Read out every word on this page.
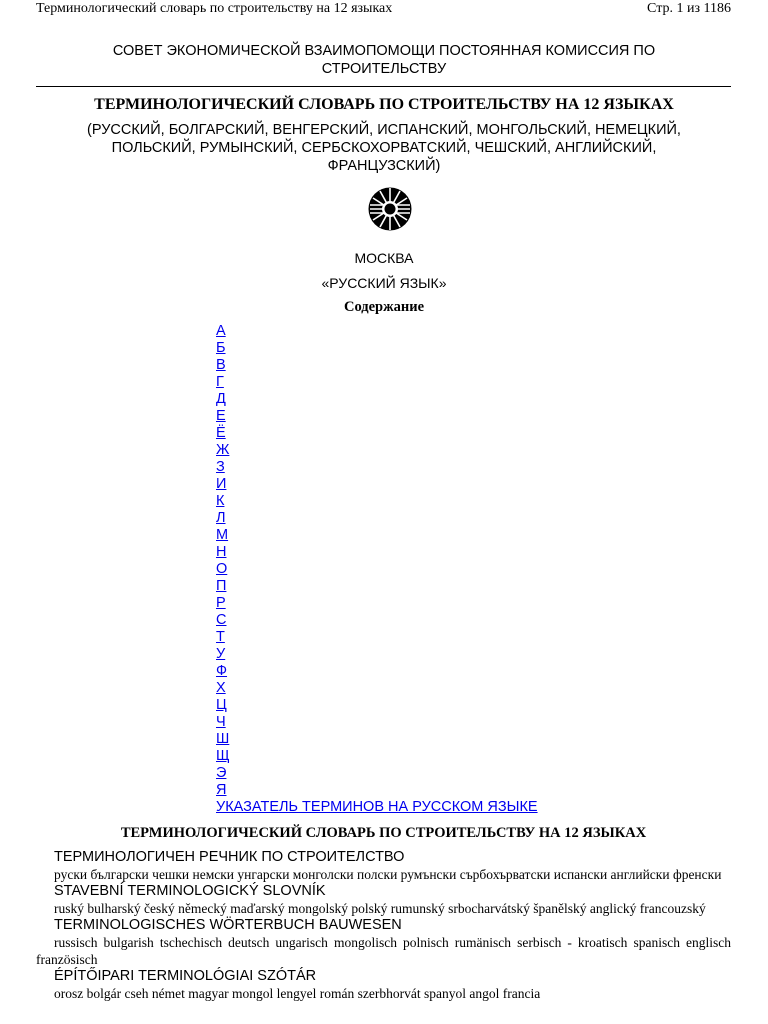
Терминологический словарь по строительству на 12 языках	Стр. 1 из 1186
СОВЕТ ЭКОНОМИЧЕСКОЙ ВЗАИМОПОМОЩИ ПОСТОЯННАЯ КОМИССИЯ ПО СТРОИТЕЛЬСТВУ
ТЕРМИНОЛОГИЧЕСКИЙ СЛОВАРЬ ПО СТРОИТЕЛЬСТВУ НА 12 ЯЗЫКАХ
(РУССКИЙ, БОЛГАРСКИЙ, ВЕНГЕРСКИЙ, ИСПАНСКИЙ, МОНГОЛЬСКИЙ, НЕМЕЦКИЙ, ПОЛЬСКИЙ, РУМЫНСКИЙ, СЕРБСКОХОРВАТСКИЙ, ЧЕШСКИЙ, АНГЛИЙСКИЙ, ФРАНЦУЗСКИЙ)
МОСКВА
«РУССКИЙ ЯЗЫК»
Содержание
А
Б
В
Г
Д
Е
Ё
Ж
З
И
К
Л
М
Н
О
П
Р
С
Т
У
Ф
Х
Ц
Ч
Ш
Щ
Э
Я
УКАЗАТЕЛЬ ТЕРМИНОВ НА РУССКОМ ЯЗЫКЕ
ТЕРМИНОЛОГИЧЕСКИЙ СЛОВАРЬ ПО СТРОИТЕЛЬСТВУ НА 12 ЯЗЫКАХ

ТЕРМИНОЛОГИЧЕН РЕЧНИК ПО СТРОИТЕЛСТВО

руски български чешки немски унгарски монголски полски румънски сърбохърватски испански английски френски

STAVEBNÍ TERMINOLOGICKÝ SLOVNÍK

ruský bulharský český německý maďarský mongolský polský rumunský srbocharvátský španělský anglický francouzský

TERMINOLOGISCHES WÖRTERBUCH BAUWESEN

russisch bulgarish tschechisch deutsch ungarisch mongolisch polnisch rumänisch serbisch - kroatisch spanisch englisch französisch

ÉPÍTŐIPARI TERMINOLÓGIAI SZÓTÁR

orosz bolgár cseh német magyar mongol lengyel román szerbhorvát spanyol angol francia
